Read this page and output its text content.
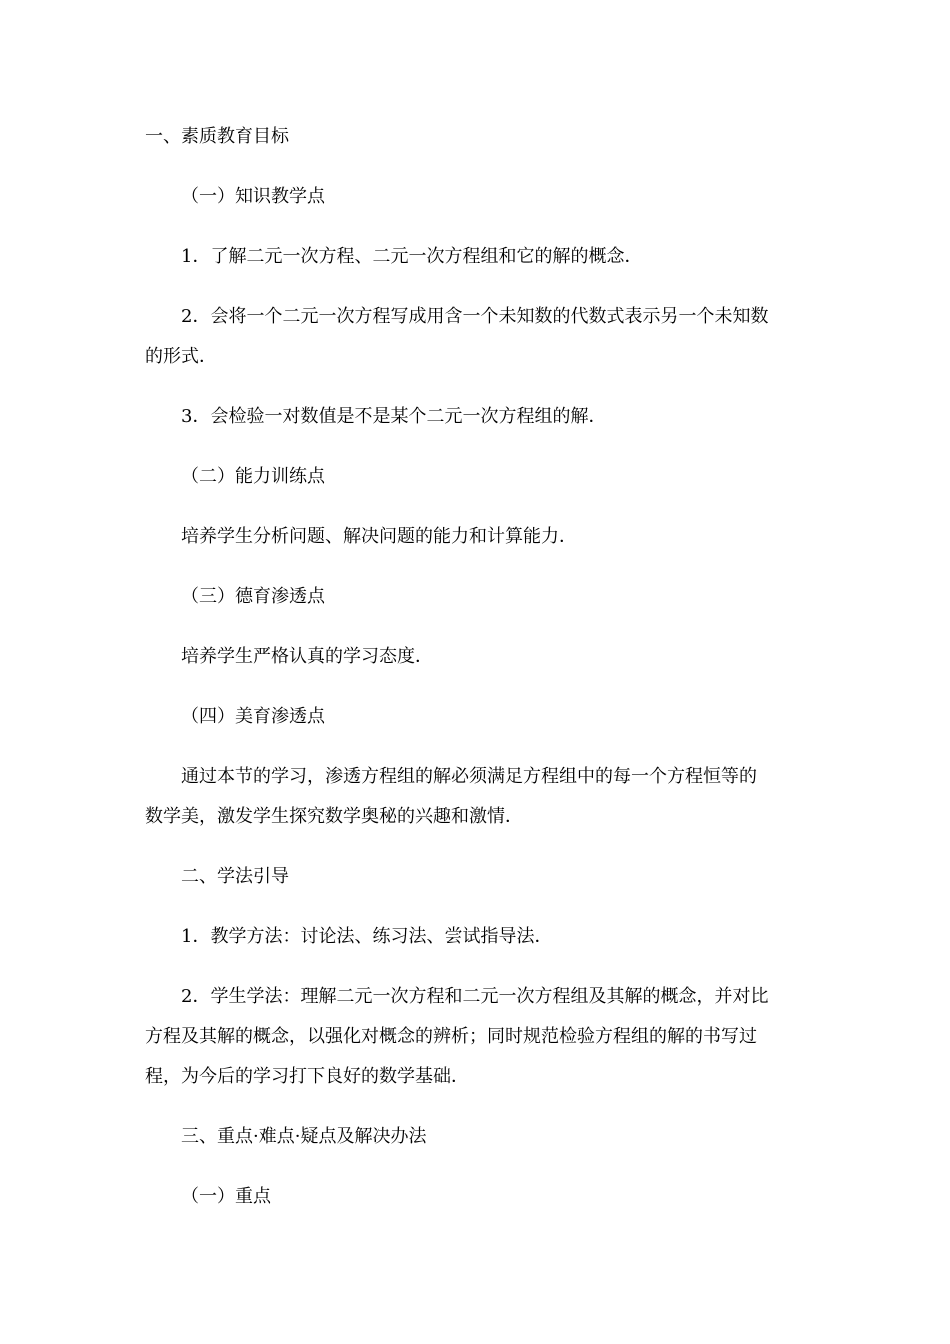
一、素质教育目标

（一）知识教学点

1．了解二元一次方程、二元一次方程组和它的解的概念．

2．会将一个二元一次方程写成用含一个未知数的代数式表示另一个未知数

的形式．

3．会检验一对数值是不是某个二元一次方程组的解．

（二）能力训练点

培养学生分析问题、解决问题的能力和计算能力．

（三）德育渗透点

培养学生严格认真的学习态度．

（四）美育渗透点

通过本节的学习，渗透方程组的解必须满足方程组中的每一个方程恒等的

数学美，激发学生探究数学奥秘的兴趣和激情．

二、学法引导

1．教学方法：讨论法、练习法、尝试指导法．

2．学生学法：理解二元一次方程和二元一次方程组及其解的概念，并对比

方程及其解的概念，以强化对概念的辨析；同时规范检验方程组的解的书写过

程，为今后的学习打下良好的数学基础．

三、重点·难点·疑点及解决办法

（一）重点
